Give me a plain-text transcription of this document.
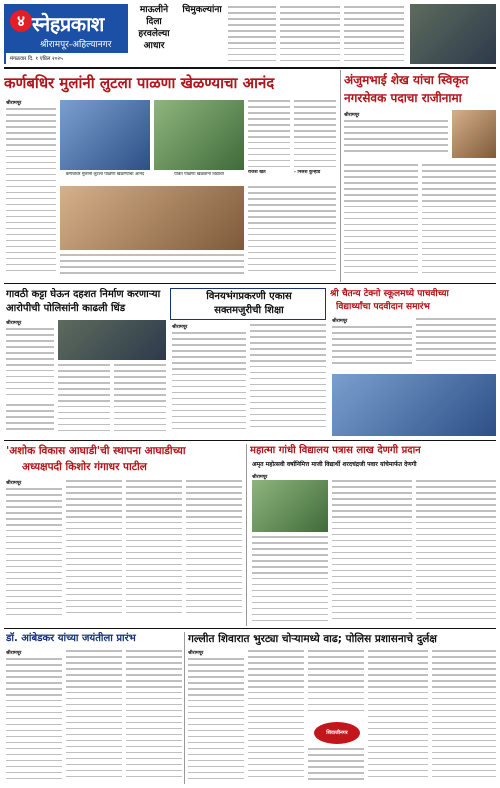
४ स्नेहप्रकाश
श्रीरामपूर-अहिल्यानगर
मंगळवार दि. १ एप्रिल २०२५
माऊलीने दिला हरवलेल्या आधार
चिमुकल्यांना
कर्णबधिर मुलांनी लुटला पाळणा खेळण्याचा आनंद
श्रीरामपूर
कर्णबधिर मुलांनी लुटला पाळणा खेळण्याचा आनंद	यात्रेत पाळणा खेळताना विद्यार्थी	राजेश खेत	- निलेश कुऱ्हाडे
अंजुमभाई शेख यांचा स्विकृत
नगरसेवक पदाचा राजीनामा
श्रीरामपूर
गावठी कट्टा घेऊन दहशत निर्माण करणाऱ्या
आरोपीची पोलिसांनी काढली धिंड
श्रीरामपूर
विनयभंगप्रकरणी एकास
सक्तमजुरीची शिक्षा
श्रीरामपूर
श्री चैतन्य टेक्नो स्कूलमध्ये पाचवीच्या
विद्यार्थ्यांचा पदवीदान समारंभ
श्रीरामपूर
'अशोक विकास आघाडी'ची स्थापना आघाडीच्या
अध्यक्षपदी किशोर गंगाधर पाटील
श्रीरामपूर
महात्मा गांधी विद्यालय पत्रास लाख देणगी प्रदान
अमृत महोत्सवी वर्षानिमित्त माजी विद्यार्थी शरदचंद्रजी पवार यांचेमार्फत देणगी
श्रीरामपूर
डॉ. आंबेडकर यांच्या जयंतीला प्रारंभ
श्रीरामपूर
गल्लीत शिवारात भुरट्या चोऱ्यामध्ये वाढ; पोलिस प्रशासनाचे दुर्लक्ष
श्रीरामपूर
शिवाजीनगर
